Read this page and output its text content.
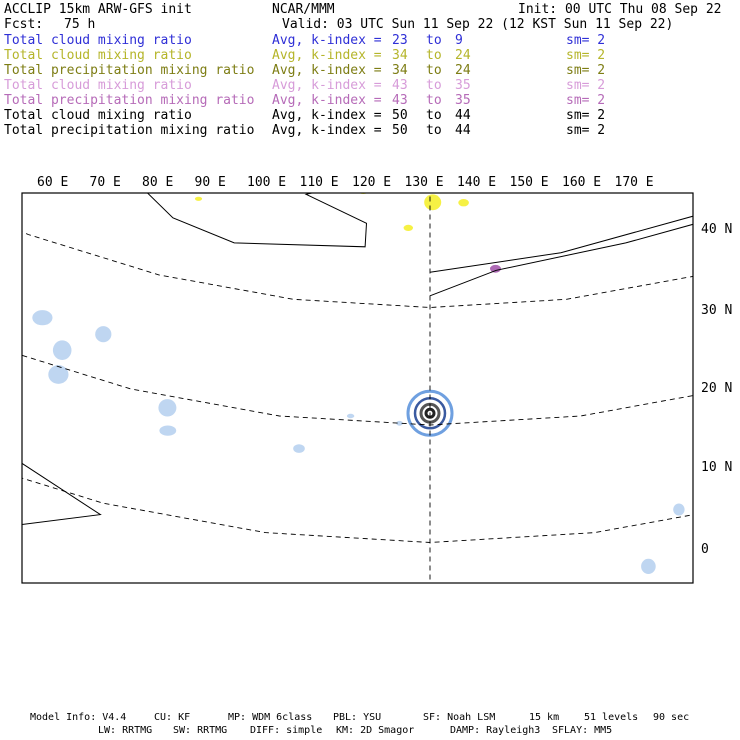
ACCLIP 15km ARW-GFS init	NCAR/MMM	Init: 00 UTC Thu 08 Sep 22
Fcst: 75 h	Valid: 03 UTC Sun 11 Sep 22 (12 KST Sun 11 Sep 22)
Total cloud mixing ratio	Avg, k-index = 23 to 9	sm= 2
Total cloud mixing ratio	Avg, k-index = 34 to 24	sm= 2
Total precipitation mixing ratio Avg, k-index = 34 to 24	sm= 2
Total cloud mixing ratio	Avg, k-index = 43 to 35	sm= 2
Total precipitation mixing ratio Avg, k-index = 43 to 35	sm= 2
Total cloud mixing ratio	Avg, k-index = 50 to 44	sm= 2
Total precipitation mixing ratio Avg, k-index = 50 to 44	sm= 2
60 E 70 E 80 E 90 E 100 E 110 E 120 E 130 E 140 E 150 E 160 E 170 E
40 N
30 N
20 N
10 N
0
Model Info: V4.4	CU: KF	MP: WDM 6class PBL: YSU	SF: Noah LSM	15 km 51 levels 90 sec
LW: RRTMG SW: RRTMG DIFF: simple KM: 2D Smagor	DAMP: Rayleigh3 SFLAY: MM5
